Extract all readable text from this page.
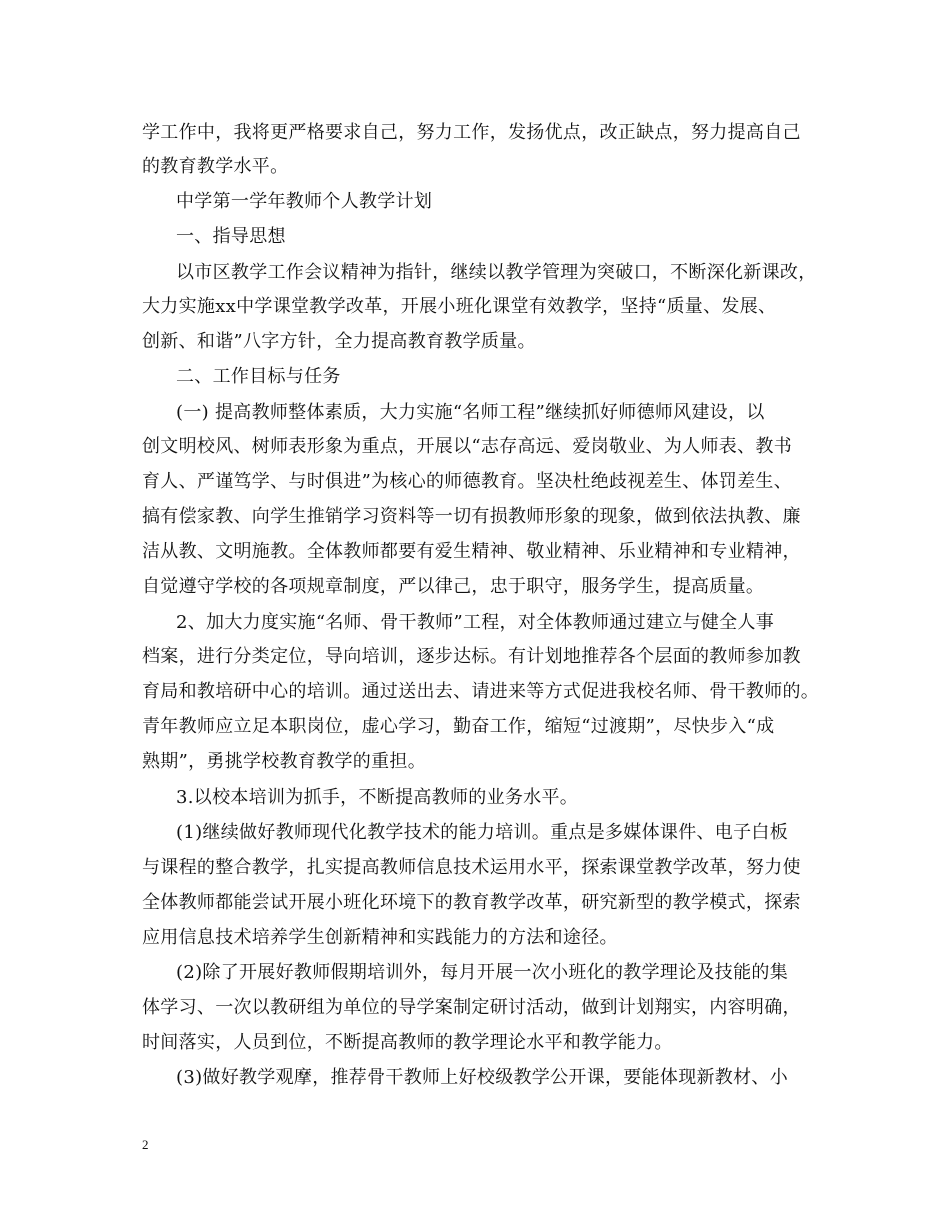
学工作中，我将更严格要求自己，努力工作，发扬优点，改正缺点，努力提高自己
的教育教学水平。
中学第一学年教师个人教学计划
一、指导思想
以市区教学工作会议精神为指针，继续以教学管理为突破口，不断深化新课改，
大力实施xx中学课堂教学改革，开展小班化课堂有效教学，坚持“质量、发展、
创新、和谐”八字方针，全力提高教育教学质量。
二、工作目标与任务
(一) 提高教师整体素质，大力实施“名师工程”继续抓好师德师风建设，以
创文明校风、树师表形象为重点，开展以“志存高远、爱岗敬业、为人师表、教书
育人、严谨笃学、与时俱进”为核心的师德教育。坚决杜绝歧视差生、体罚差生、
搞有偿家教、向学生推销学习资料等一切有损教师形象的现象，做到依法执教、廉
洁从教、文明施教。全体教师都要有爱生精神、敬业精神、乐业精神和专业精神，
自觉遵守学校的各项规章制度，严以律己，忠于职守，服务学生，提高质量。
2、加大力度实施“名师、骨干教师”工程，对全体教师通过建立与健全人事
档案，进行分类定位，导向培训，逐步达标。有计划地推荐各个层面的教师参加教
育局和教培研中心的培训。通过送出去、请进来等方式促进我校名师、骨干教师的。
青年教师应立足本职岗位，虚心学习，勤奋工作，缩短“过渡期”，尽快步入“成
熟期”，勇挑学校教育教学的重担。
3.以校本培训为抓手，不断提高教师的业务水平。
(1)继续做好教师现代化教学技术的能力培训。重点是多媒体课件、电子白板
与课程的整合教学，扎实提高教师信息技术运用水平，探索课堂教学改革，努力使
全体教师都能尝试开展小班化环境下的教育教学改革，研究新型的教学模式，探索
应用信息技术培养学生创新精神和实践能力的方法和途径。
(2)除了开展好教师假期培训外，每月开展一次小班化的教学理论及技能的集
体学习、一次以教研组为单位的导学案制定研讨活动，做到计划翔实，内容明确，
时间落实，人员到位，不断提高教师的教学理论水平和教学能力。
(3)做好教学观摩，推荐骨干教师上好校级教学公开课，要能体现新教材、小
2
